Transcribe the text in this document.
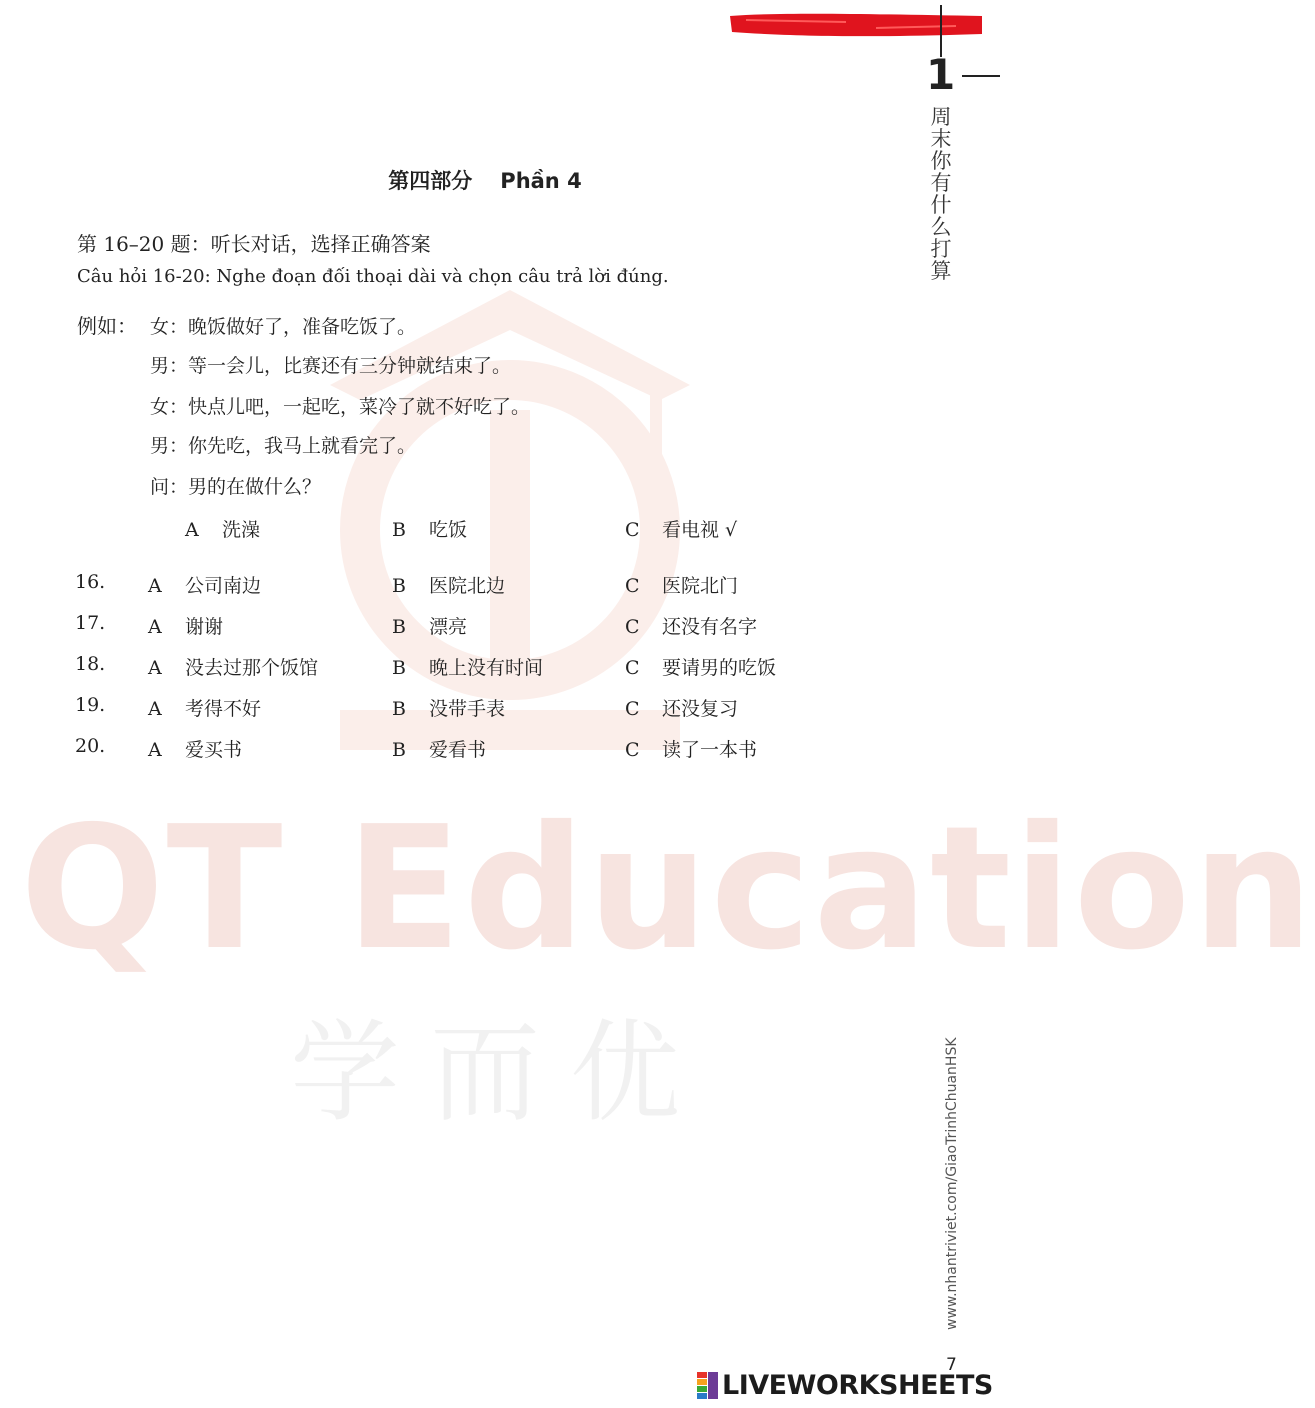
QT Education
学而优
1
周末你有什么打算
第四部分 Phần 4
第 16–20 题：听长对话，选择正确答案
Câu hỏi 16-20: Nghe đoạn đối thoại dài và chọn câu trả lời đúng.
例如： 女：晚饭做好了，准备吃饭了。
男：等一会儿，比赛还有三分钟就结束了。
女：快点儿吧，一起吃，菜冷了就不好吃了。
男：你先吃，我马上就看完了。
问：男的在做什么？
A 洗澡	B 吃饭	C 看电视 √
16. A 公司南边	B 医院北边	C 医院北门
17. A 谢谢	B 漂亮	C 还没有名字
18. A 没去过那个饭馆	B 晚上没有时间	C 要请男的吃饭
19. A 考得不好	B 没带手表	C 还没复习
20. A 爱买书	B 爱看书	C 读了一本书
www.nhantriviet.com/GiaoTrinhChuanHSK
7
LIVEWORKSHEETS
